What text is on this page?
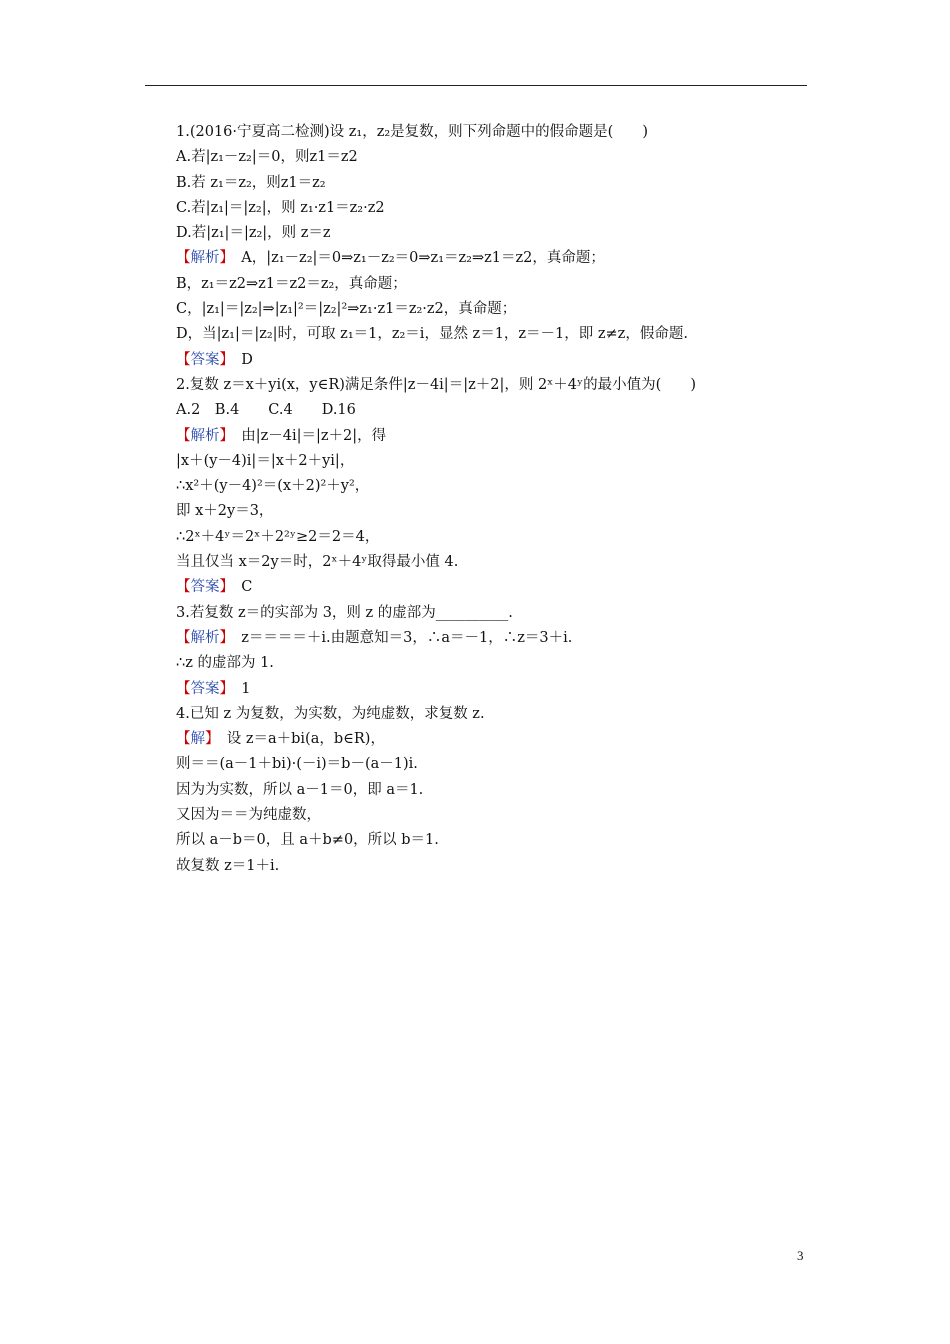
1.(2016·宁夏高二检测)设 z₁，z₂是复数，则下列命题中的假命题是(　　)
A.若|z₁－z₂|＝0，则z1＝z2
B.若 z₁＝z₂，则z1＝z₂
C.若|z₁|＝|z₂|，则 z₁·z1＝z₂·z2
D.若|z₁|＝|z₂|，则 z＝z
【解析】　A，|z₁－z₂|＝0⇒z₁－z₂＝0⇒z₁＝z₂⇒z1＝z2，真命题；
B，z₁＝z2⇒z1＝z2＝z₂，真命题；
C，|z₁|＝|z₂|⇒|z₁|²＝|z₂|²⇒z₁·z1＝z₂·z2，真命题；
D，当|z₁|＝|z₂|时，可取 z₁＝1，z₂＝i，显然 z＝1，z＝－1，即 z≠z，假命题.
【答案】　D
2.复数 z＝x＋yi(x，y∈R)满足条件|z－4i|＝|z＋2|，则 2ˣ＋4ʸ的最小值为(　　)
A.2　B.4　　C.4　　D.16
【解析】　由|z－4i|＝|z＋2|，得
|x＋(y－4)i|＝|x＋2＋yi|，
∴x²＋(y－4)²＝(x＋2)²＋y²，
即 x＋2y＝3，
∴2ˣ＋4ʸ＝2ˣ＋2²ʸ≥2＝2＝4，
当且仅当 x＝2y＝时，2ˣ＋4ʸ取得最小值 4.
【答案】　C
3.若复数 z＝的实部为 3，则 z 的虚部为__________.
【解析】　z＝＝＝＝＋i.由题意知＝3，∴a＝－1，∴z＝3＋i.
∴z 的虚部为 1.
【答案】　1
4.已知 z 为复数，为实数，为纯虚数，求复数 z.
【解】　设 z＝a＋bi(a，b∈R)，
则＝＝(a－1＋bi)·(－i)＝b－(a－1)i.
因为为实数，所以 a－1＝0，即 a＝1.
又因为＝＝为纯虚数，
所以 a－b＝0，且 a＋b≠0，所以 b＝1.
故复数 z＝1＋i.
3
